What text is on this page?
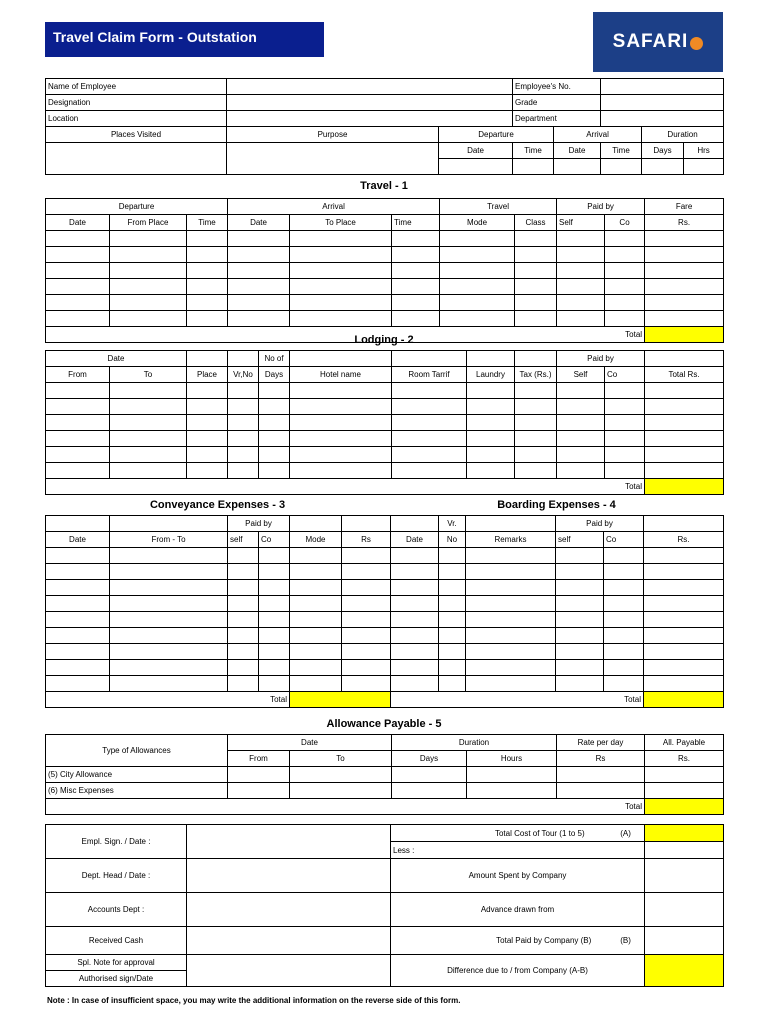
Travel Claim Form - Outstation	SAFARI
Name of Employee			Employee's No.				
Designation			Grade				
Location			Department				
Places Visited	Purpose	Departure		Arrival		Duration	
		Date	Time	Date	Time	Days	Hrs

Travel - 1
Departure			Arrival			Travel		Paid by		Fare
Date	From Place	Time	Date	To Place	Time	Mode	Class	Self	Co	Rs.

Total										
Lodging - 2
Date				No of					Paid by		
From	To	Place	Vr,No	Days	Hotel name	Room Tarrif	Laundry	Tax (Rs.)	Self	Co	Total Rs.

Total											
Conveyance Expenses - 3	Boarding Expenses - 4
		Paid by					Vr.		Paid by		
Date	From - To	self	Co	Mode	Rs	Date	No	Remarks	self	Co	Rs.

Total						Total					
Allowance Payable - 5
Type of Allowances	Date		Duration		Rate per day	All. Payable
	From	To	Days	Hours	Rs	Rs.
(5) City Allowance						
(6) Misc Expenses						
Total						
Empl. Sign. / Date :		Total Cost of Tour (1 to 5) (A)	
		Less :	
Dept. Head / Date :		Amount Spent by Company	
Accounts Dept :		Advance drawn from	
Received Cash		Total Paid by Company (B) (B)	
Spl. Note for approval		Difference due to / from Company (A-B)	
Authorised sign/Date			
Note : In case of insufficient space, you may write the additional information on the reverse side of this form.
